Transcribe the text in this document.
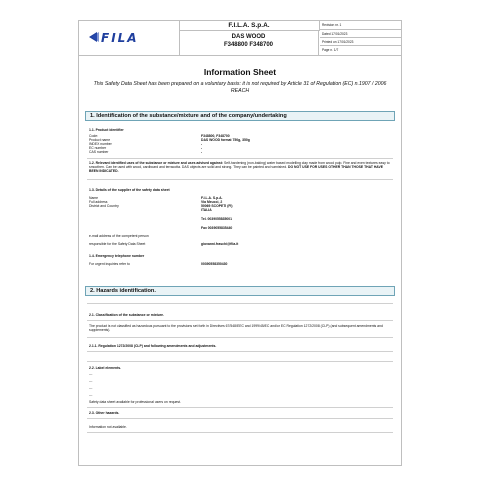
FILA
F.I.L.A. S.p.A.
DAS WOOD
F348800 F348700
Revision nr. 1
Dated 17/01/2023
Printed on 17/01/2023
Page n. 1/7
Information Sheet
This Safety Data Sheet has been prepared on a voluntary basis: it is not required by Article 31 of Regulation (EC) n.1907 / 2006 REACH
1. Identification of the substance/mixture and of the company/undertaking
1.1. Product identifier
Code:	F348800, F348700
Product name	DAS WOOD format 750g, 350g
INDEX number	-
EC number	-
CAS number	-
1.2. Relevant identified uses of the substance or mixture and uses advised against: Self-hardening (non-baking) water based modelling clay made from wood pulp. Fine and even textures easy to smoothen. Can be used with wood, cardboard and terracotta. DAS objects are solid and strong. They can be painted and varnished. DO NOT USE FOR USES OTHER THAN THOSE THAT HAVE BEEN INDICATED.
1.3. Details of the supplier of the safety data sheet
Name	F.I.L.A. S.p.A.
Full address	Via Meucci, 2
District and Country	50069 SCOPETI (FI)
ITALIA
Tel. 0039055835001
Fax 0039055835440
e-mail address of the competent person
responsible for the Safety Data Sheet	giovanni.fraschi@fila.it
1.4. Emergency telephone number
For urgent inquiries refer to	0039055835043​0
2. Hazards identification.
2.1. Classification of the substance or mixture.
The product is not classified as hazardous pursuant to the provisions set forth in Directives 67/548/EEC and 1999/45/EC and/or EC Regulation 1272/2008 (CLP) (and subsequent amendments and supplements).
2.1.1. Regulation 1272/2008 (CLP) and following amendments and adjustments.
2.2. Label elements.
---
---
---
---
Safety data sheet available for professional users on request.
2.3. Other hazards.
Information not available.
